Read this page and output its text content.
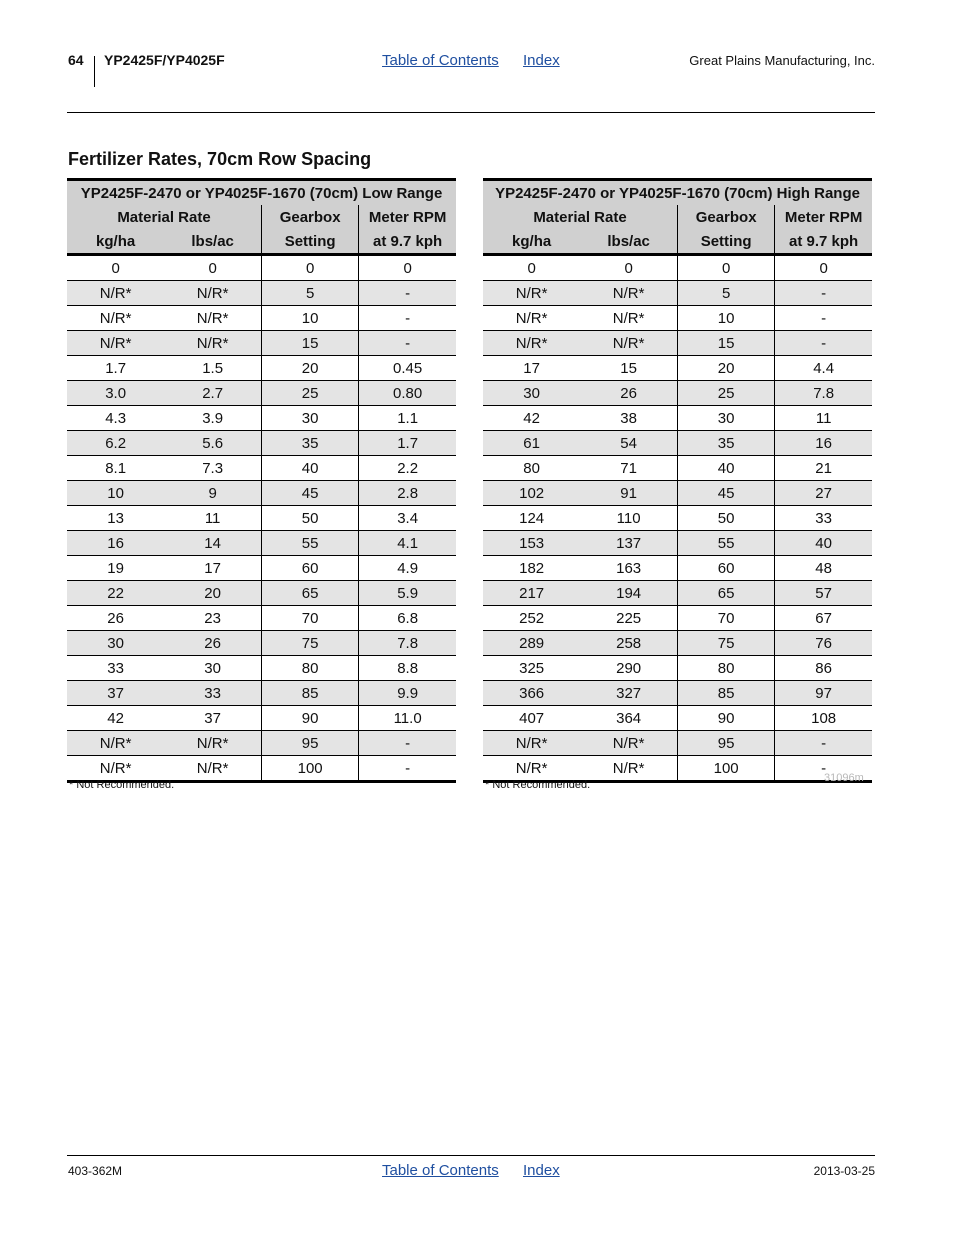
64 YP2425F/YP4025F	Table of Contents Index	Great Plains Manufacturing, Inc.
Fertilizer Rates, 70cm Row Spacing
YP2425F-2470 or YP4025F-1670 (70cm) Low Range			
Material Rate		Gearbox	Meter RPM
kg/ha	lbs/ac	Setting	at 9.7 kph
0	0	0	0
N/R*	N/R*	5	-
N/R*	N/R*	10	-
N/R*	N/R*	15	-
1.7	1.5	20	0.45
3.0	2.7	25	0.80
4.3	3.9	30	1.1
6.2	5.6	35	1.7
8.1	7.3	40	2.2
10	9	45	2.8
13	11	50	3.4
16	14	55	4.1
19	17	60	4.9
22	20	65	5.9
26	23	70	6.8
30	26	75	7.8
33	30	80	8.8
37	33	85	9.9
42	37	90	11.0
N/R*	N/R*	95	-
N/R*	N/R*	100	-
* Not Recommended.
YP2425F-2470 or YP4025F-1670 (70cm) High Range			
Material Rate		Gearbox	Meter RPM
kg/ha	lbs/ac	Setting	at 9.7 kph
0	0	0	0
N/R*	N/R*	5	-
N/R*	N/R*	10	-
N/R*	N/R*	15	-
17	15	20	4.4
30	26	25	7.8
42	38	30	11
61	54	35	16
80	71	40	21
102	91	45	27
124	110	50	33
153	137	55	40
182	163	60	48
217	194	65	57
252	225	70	67
289	258	75	76
325	290	80	86
366	327	85	97
407	364	90	108
N/R*	N/R*	95	-
N/R*	N/R*	100	-
* Not Recommended.
31096m
403-362M	Table of Contents Index	2013-03-25
